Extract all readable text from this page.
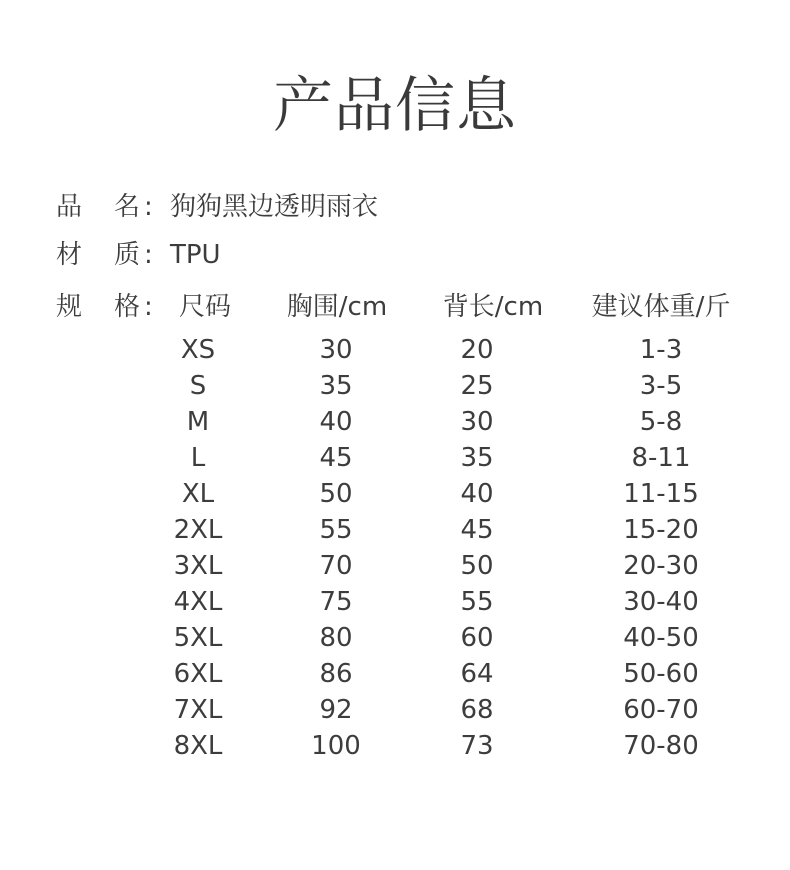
产品信息
品 名 : 狗狗黑边透明雨衣
材 质 : TPU
规 格 :	尺码	胸围/cm	背长/cm	建议体重/斤
XS	30	20	1-3
S	35	25	3-5
M	40	30	5-8
L	45	35	8-11
XL	50	40	11-15
2XL	55	45	15-20
3XL	70	50	20-30
4XL	75	55	30-40
5XL	80	60	40-50
6XL	86	64	50-60
7XL	92	68	60-70
8XL	100	73	70-80
